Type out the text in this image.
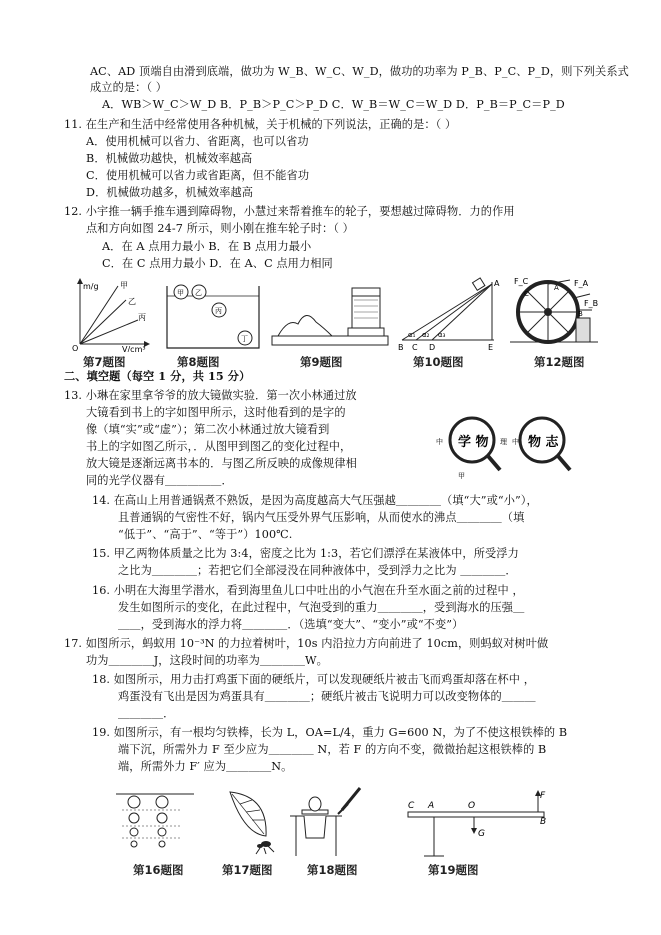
AC、AD 顶端自由滑到底端，做功为 W_B、W_C、W_D，做功的功率为 P_B、P_C、P_D，则下列关系式
成立的是：（ ）
A．WB＞W_C＞W_D B．P_B＞P_C＞P_D C．W_B＝W_C＝W_D D．P_B＝P_C＝P_D
11. 在生产和生活中经常使用各种机械，关于机械的下列说法，正确的是：（ ）
A．使用机械可以省力、省距离，也可以省功
B．机械做功越快，机械效率越高
C．使用机械可以省力或省距离，但不能省功
D．机械做功越多，机械效率越高
12. 小宇推一辆手推车遇到障碍物，小慧过来帮着推车的轮子，要想越过障碍物．力的作用
点和方向如图 24-7 所示，则小刚在推车轮子时：（ ）
A．在 A 点用力最小 B．在 B 点用力最小
C．在 C 点用力最小 D．在 A、C 点用力相同
二、填空题（每空 1 分，共 15 分）
13. 小琳在家里拿爷爷的放大镜做实验．第一次小林通过放
大镜看到书上的字如图甲所示，这时他看到的是字的
像（填“实”或“虚”）；第二次小林通过放大镜看到
书上的字如图乙所示，．从图甲到图乙的变化过程中，
放大镜是逐渐远离书本的．与图乙所反映的成像规律相
同的光学仪器有＿＿＿＿＿．
14. 在高山上用普通锅煮不熟饭，是因为高度越高大气压强越＿＿＿＿（填“大”或“小”），
且普通锅的气密性不好，锅内气压受外界气压影响，从而使水的沸点＿＿＿＿（填
“低于”、“高于”、“等于”）100℃.
15. 甲乙两物体质量之比为 3:4，密度之比为 1:3，若它们漂浮在某液体中，所受浮力
之比为＿＿＿＿；若把它们全部浸没在同种液体中，受到浮力之比为 ＿＿＿＿．
16. 小明在大海里学潜水，看到海里鱼儿口中吐出的小气泡在升至水面之前的过程中 ，
发生如图所示的变化，在此过程中，气泡受到的重力＿＿＿＿，受到海水的压强＿
＿＿，受到海水的浮力将＿＿＿＿．（选填“变大”、“变小”或“不变”）
17. 如图所示，蚂蚁用 10⁻³N 的力拉着树叶，10s 内沿拉力方向前进了 10cm，则蚂蚁对树叶做
功为＿＿＿＿J，这段时间的功率为＿＿＿＿W。
18. 如图所示，用力击打鸡蛋下面的硬纸片，可以发现硬纸片被击飞而鸡蛋却落在杯中 ，
鸡蛋没有飞出是因为鸡蛋具有＿＿＿＿；硬纸片被击飞说明力可以改变物体的＿＿＿
＿＿＿＿．
19. 如图所示，有一根均匀铁棒，长为 L，OA=L/4，重力 G=600 N，为了不使这根铁棒的 B
端下沉，所需外力 F 至少应为＿＿＿＿ N，若 F 的方向不变，微微抬起这根铁棒的 B
端，所需外力 F′ 应为＿＿＿＿N。
m/g
V/cm³
O
甲
乙
丙
甲 乙
丙
丁
A
B C D	E
α₁ α₂ α₃
F_C	F_A
F_B
C
A
B
学 物	物 志
中	理 中
甲
C A	O
B
F
G
第7题图	第8题图	第9题图	第10题图	第12题图
第16题图	第17题图	第18题图	第19题图
